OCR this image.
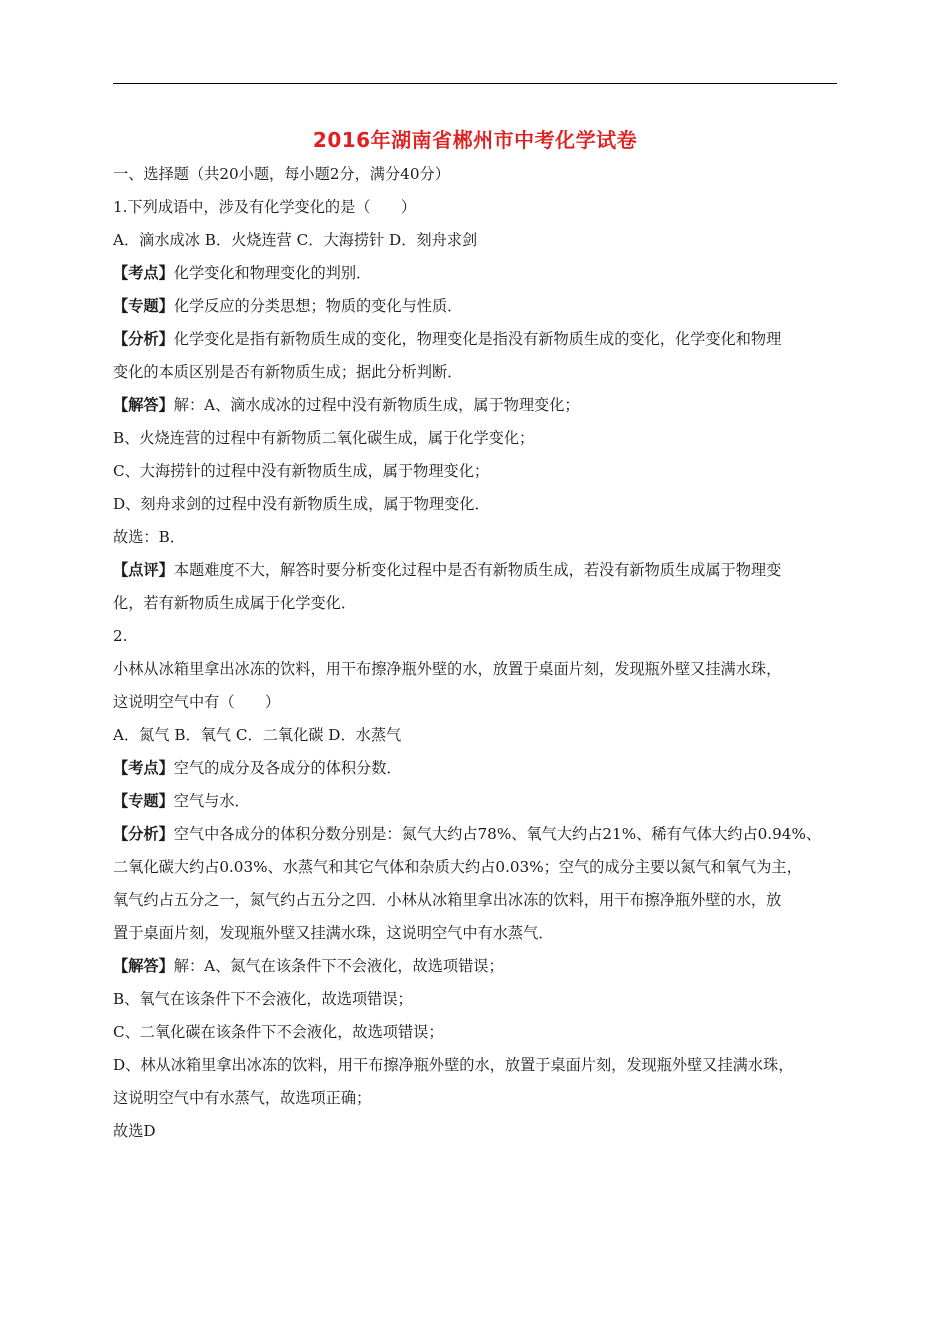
2016年湖南省郴州市中考化学试卷
一、选择题（共20小题，每小题2分，满分40分）
1.下列成语中，涉及有化学变化的是（　　）
A．滴水成冰 B．火烧连营 C．大海捞针 D．刻舟求剑
【考点】化学变化和物理变化的判别．
【专题】化学反应的分类思想；物质的变化与性质．
【分析】化学变化是指有新物质生成的变化，物理变化是指没有新物质生成的变化，化学变化和物理
变化的本质区别是否有新物质生成；据此分析判断．
【解答】解：A、滴水成冰的过程中没有新物质生成，属于物理变化；
B、火烧连营的过程中有新物质二氧化碳生成，属于化学变化；
C、大海捞针的过程中没有新物质生成，属于物理变化；
D、刻舟求剑的过程中没有新物质生成，属于物理变化．
故选：B．
【点评】本题难度不大，解答时要分析变化过程中是否有新物质生成，若没有新物质生成属于物理变
化，若有新物质生成属于化学变化．
2.
小林从冰箱里拿出冰冻的饮料，用干布擦净瓶外壁的水，放置于桌面片刻，发现瓶外壁又挂满水珠，
这说明空气中有（　　）
A．氮气 B．氧气 C．二氧化碳 D．水蒸气
【考点】空气的成分及各成分的体积分数．
【专题】空气与水．
【分析】空气中各成分的体积分数分别是：氮气大约占78%、氧气大约占21%、稀有气体大约占0.94%、
二氧化碳大约占0.03%、水蒸气和其它气体和杂质大约占0.03%；空气的成分主要以氮气和氧气为主，
氧气约占五分之一，氮气约占五分之四．小林从冰箱里拿出冰冻的饮料，用干布擦净瓶外壁的水，放
置于桌面片刻，发现瓶外壁又挂满水珠，这说明空气中有水蒸气．
【解答】解：A、氮气在该条件下不会液化，故选项错误；
B、氧气在该条件下不会液化，故选项错误；
C、二氧化碳在该条件下不会液化，故选项错误；
D、林从冰箱里拿出冰冻的饮料，用干布擦净瓶外壁的水，放置于桌面片刻，发现瓶外壁又挂满水珠，
这说明空气中有水蒸气，故选项正确；
故选D
